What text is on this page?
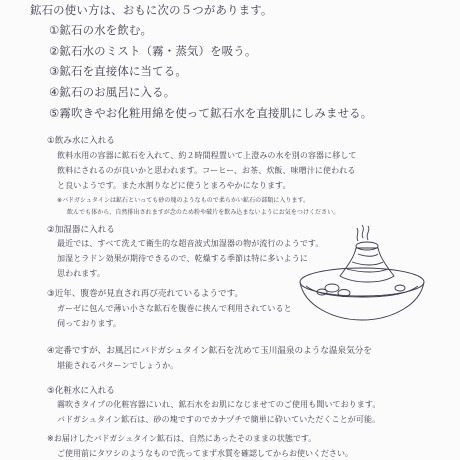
鉱石の使い方は、おもに次の５つがあります。
①鉱石の水を飲む。
②鉱石水のミスト（霧・蒸気）を吸う。
③鉱石を直接体に当てる。
④鉱石のお風呂に入る。
⑤霧吹きやお化粧用綿を使って鉱石水を直接肌にしみませる。
①飲み水に入れる
飲料水用の容器に鉱石を入れて、約２時間程置いて上澄みの水を別の容器に移して
飲料にされるのが良いかと思われます。コーヒー、お茶、炊飯、味噌汁に使われる
と良いようです。また水割りなどに使うとまろやかになります。
※バドガシュタインは鉱石といっても砂の塊のようなもので柔らかい鉱石の部類に入ります。
飲んでも体から、自然排出されますが念のため粉や破片を飲み込まないようにお気をつけください。
②加湿器に入れる
最近では、すべて洗えて衛生的な超音波式加湿器の物が流行のようです。
加湿とラドン効果が期待できるので、乾燥する季節は特に多いように
思われます。
③近年、腹巻が見直され再び売れているようです。
ガーゼに包んで薄い小さな鉱石を腹巻に挟んで利用されていると
伺っております。
④定番ですが、お風呂にバドガシュタイン鉱石を沈めて玉川温泉のような温泉気分を
堪能されるパターンでしょうか。
⑤化粧水に入れる
霧吹きタイプの化粧容器にいれ、鉱石水をお肌になじませてのご使用も聞いております。
バドガシュタイン鉱石は、砂の塊ですのでカナヅチで簡単に砕いていただくことが可能。
※お届けしたバドガシュタイン鉱石は、自然にあったそのままの状態です。
ご使用前にタワシのようなもので洗ってまず水質を確認してからお使いください。
